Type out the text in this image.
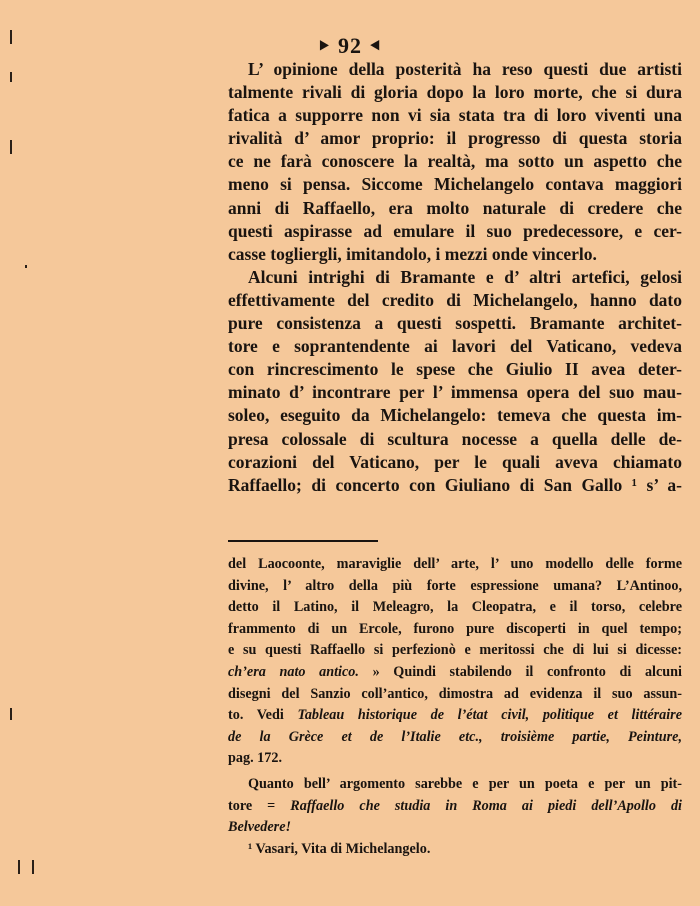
⯈ 92 ⯇
L’ opinione della posterità ha reso questi due artisti
talmente rivali di gloria dopo la loro morte, che si dura
fatica a supporre non vi sia stata tra di loro viventi una
rivalità d’ amor proprio: il progresso di questa storia
ce ne farà conoscere la realtà, ma sotto un aspetto che
meno si pensa. Siccome Michelangelo contava maggiori
anni di Raffaello, era molto naturale di credere che
questi aspirasse ad emulare il suo predecessore, e cer-
casse togliergli, imitandolo, i mezzi onde vincerlo.
Alcuni intrighi di Bramante e d’ altri artefici, gelosi
effettivamente del credito di Michelangelo, hanno dato
pure consistenza a questi sospetti. Bramante architet-
tore e soprantendente ai lavori del Vaticano, vedeva
con rincrescimento le spese che Giulio II avea deter-
minato d’ incontrare per l’ immensa opera del suo mau-
soleo, eseguito da Michelangelo: temeva che questa im-
presa colossale di scultura nocesse a quella delle de-
corazioni del Vaticano, per le quali aveva chiamato
Raffaello; di concerto con Giuliano di San Gallo ¹ s’ a-
del Laocoonte, maraviglie dell’ arte, l’ uno modello delle forme
divine, l’ altro della più forte espressione umana? L’Antinoo,
detto il Latino, il Meleagro, la Cleopatra, e il torso, celebre
frammento di un Ercole, furono pure discoperti in quel tempo;
e su questi Raffaello si perfezionò e meritossi che di lui si dicesse:
ch’era nato antico. » Quindi stabilendo il confronto di alcuni
disegni del Sanzio coll’antico, dimostra ad evidenza il suo assun-
to. Vedi Tableau historique de l’état civil, politique et littéraire
de la Grèce et de l’Italie etc., troisième partie, Peinture,
pag. 172.
Quanto bell’ argomento sarebbe e per un poeta e per un pit-
tore = Raffaello che studia in Roma ai piedi dell’Apollo di
Belvedere!
¹ Vasari, Vita di Michelangelo.
